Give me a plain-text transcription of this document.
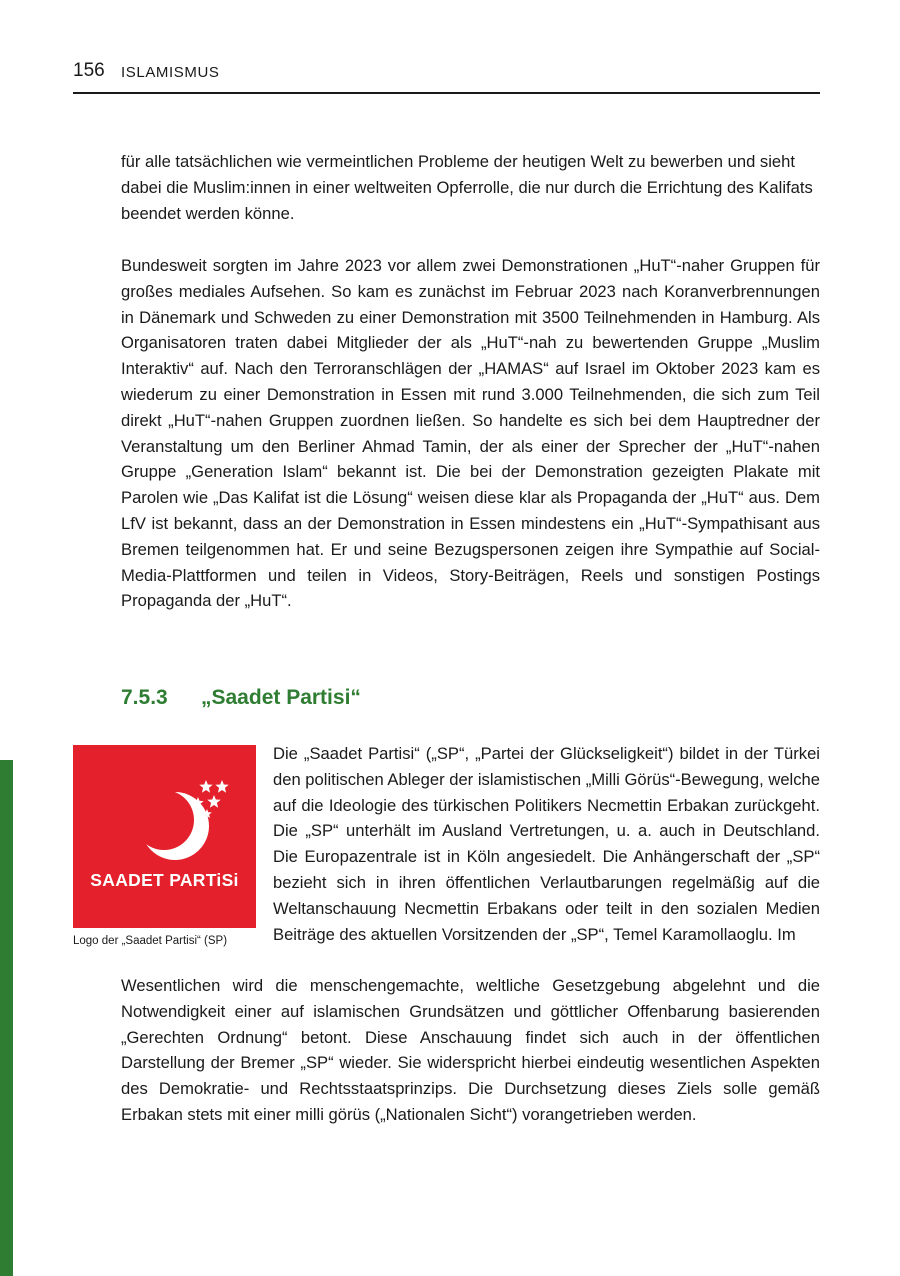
156 ISLAMISMUS

für alle tatsächlichen wie vermeintlichen Probleme der heutigen Welt zu bewerben und sieht dabei die Muslim:innen in einer weltweiten Opferrolle, die nur durch die Errichtung des Kalifats beendet werden könne.

Bundesweit sorgten im Jahre 2023 vor allem zwei Demonstrationen „HuT“-naher Gruppen für großes mediales Aufsehen. So kam es zunächst im Februar 2023 nach Koranverbrennungen in Dänemark und Schweden zu einer Demonstration mit 3500 Teilnehmenden in Hamburg. Als Organisatoren traten dabei Mitglieder der als „HuT“-nah zu bewertenden Gruppe „Muslim Interaktiv“ auf. Nach den Terroranschlägen der „HAMAS“ auf Israel im Oktober 2023 kam es wiederum zu einer Demonstration in Essen mit rund 3.000 Teilnehmenden, die sich zum Teil direkt „HuT“-nahen Gruppen zuordnen ließen. So handelte es sich bei dem Hauptredner der Veranstaltung um den Berliner Ahmad Tamin, der als einer der Sprecher der „HuT“-nahen Gruppe „Generation Islam“ bekannt ist. Die bei der Demonstration gezeigten Plakate mit Parolen wie „Das Kalifat ist die Lösung“ weisen diese klar als Propaganda der „HuT“ aus. Dem LfV ist bekannt, dass an der Demonstration in Essen mindestens ein „HuT“-Sympathisant aus Bremen teilgenommen hat. Er und seine Bezugspersonen zeigen ihre Sympathie auf Social-Media-Plattformen und teilen in Videos, Story-Beiträgen, Reels und sonstigen Postings Propaganda der „HuT“.

7.5.3 „Saadet Partisi“
SAADET PARTiSi
Logo der „Saadet Partisi“ (SP)

Die „Saadet Partisi“ („SP“, „Partei der Glückseligkeit“) bildet in der Türkei den politischen Ableger der islamistischen „Milli Görüs“-Bewegung, welche auf die Ideologie des türkischen Politikers Necmettin Erbakan zurückgeht. Die „SP“ unterhält im Ausland Vertretungen, u. a. auch in Deutschland. Die Europazentrale ist in Köln angesiedelt. Die Anhängerschaft der „SP“ bezieht sich in ihren öffentlichen Verlautbarungen regelmäßig auf die Weltanschauung Necmettin Erbakans oder teilt in den sozialen Medien Beiträge des aktuellen Vorsitzenden der „SP“, Temel Karamollaoglu. Im

Wesentlichen wird die menschengemachte, weltliche Gesetzgebung abgelehnt und die Notwendigkeit einer auf islamischen Grundsätzen und göttlicher Offenbarung basierenden „Gerechten Ordnung“ betont. Diese Anschauung findet sich auch in der öffentlichen Darstellung der Bremer „SP“ wieder. Sie widerspricht hierbei eindeutig wesentlichen Aspekten des Demokratie- und Rechtsstaatsprinzips. Die Durchsetzung dieses Ziels solle gemäß Erbakan stets mit einer milli görüs („Nationalen Sicht“) vorangetrieben werden.
